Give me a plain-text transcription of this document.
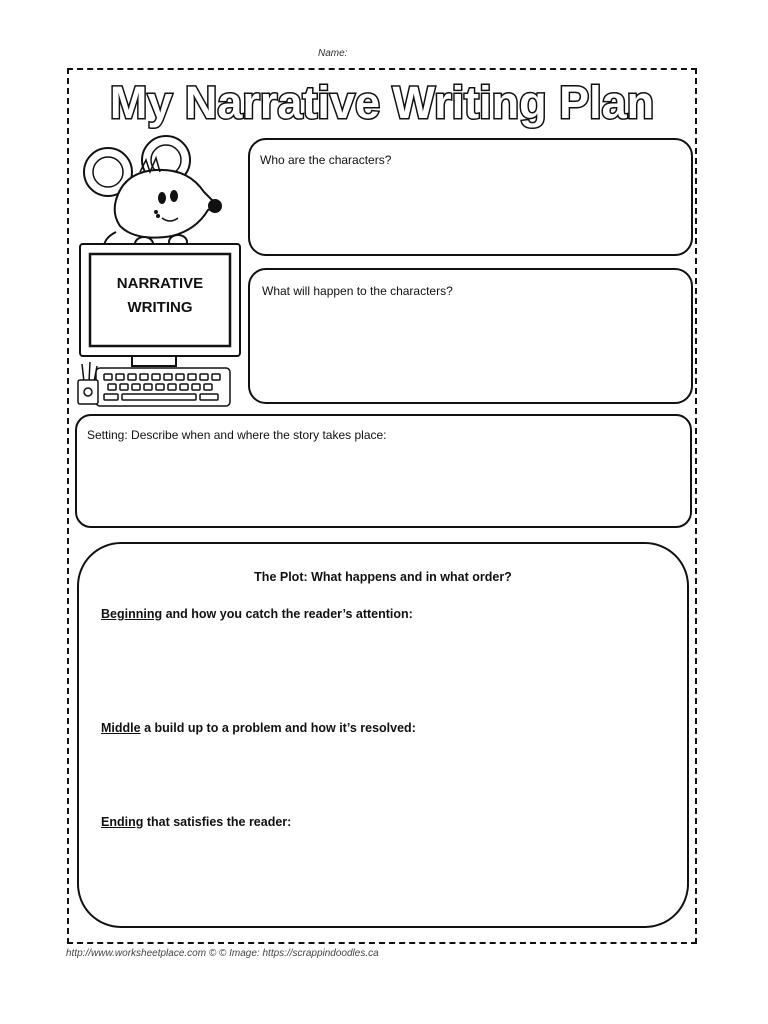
Name:
My Narrative Writing Plan
NARRATIVE
WRITING
Who are the characters?
What will happen to the characters?
Setting: Describe when and where the story takes place:
The Plot: What happens and in what order?
Beginning and how you catch the reader’s attention:
Middle a build up to a problem and how it’s resolved:
Ending that satisfies the reader:
http://www.worksheetplace.com © © Image: https://scrappindoodles.ca
